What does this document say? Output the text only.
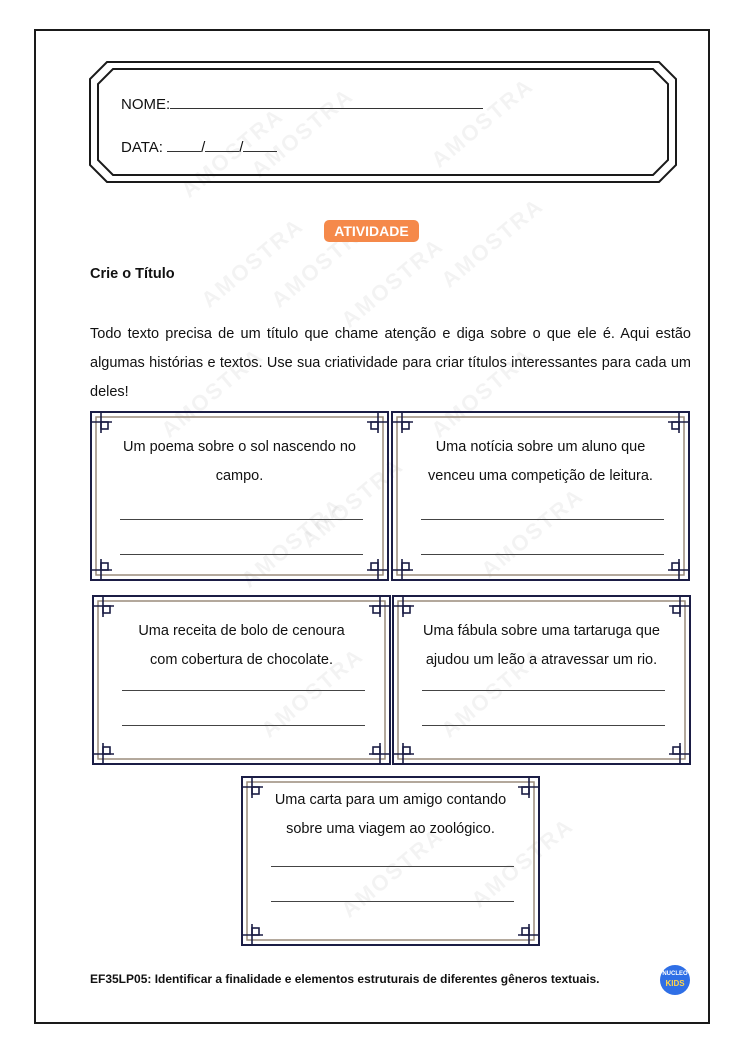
NOME:
DATA:	/ /
ATIVIDADE
Crie o Título
Todo texto precisa de um título que chame atenção e diga sobre o que ele é. Aqui estão algumas histórias e textos. Use sua criatividade para criar títulos interessantes para cada um deles!
Um poema sobre o sol nascendo no
campo.
Uma notícia sobre um aluno que
venceu uma competição de leitura.
Uma receita de bolo de cenoura
com cobertura de chocolate.
Uma fábula sobre uma tartaruga que
ajudou um leão a atravessar um rio.
Uma carta para um amigo contando
sobre uma viagem ao zoológico.
EF35LP05: Identificar a finalidade e elementos estruturais de diferentes gêneros textuais.	NUCLEO
KIDS
